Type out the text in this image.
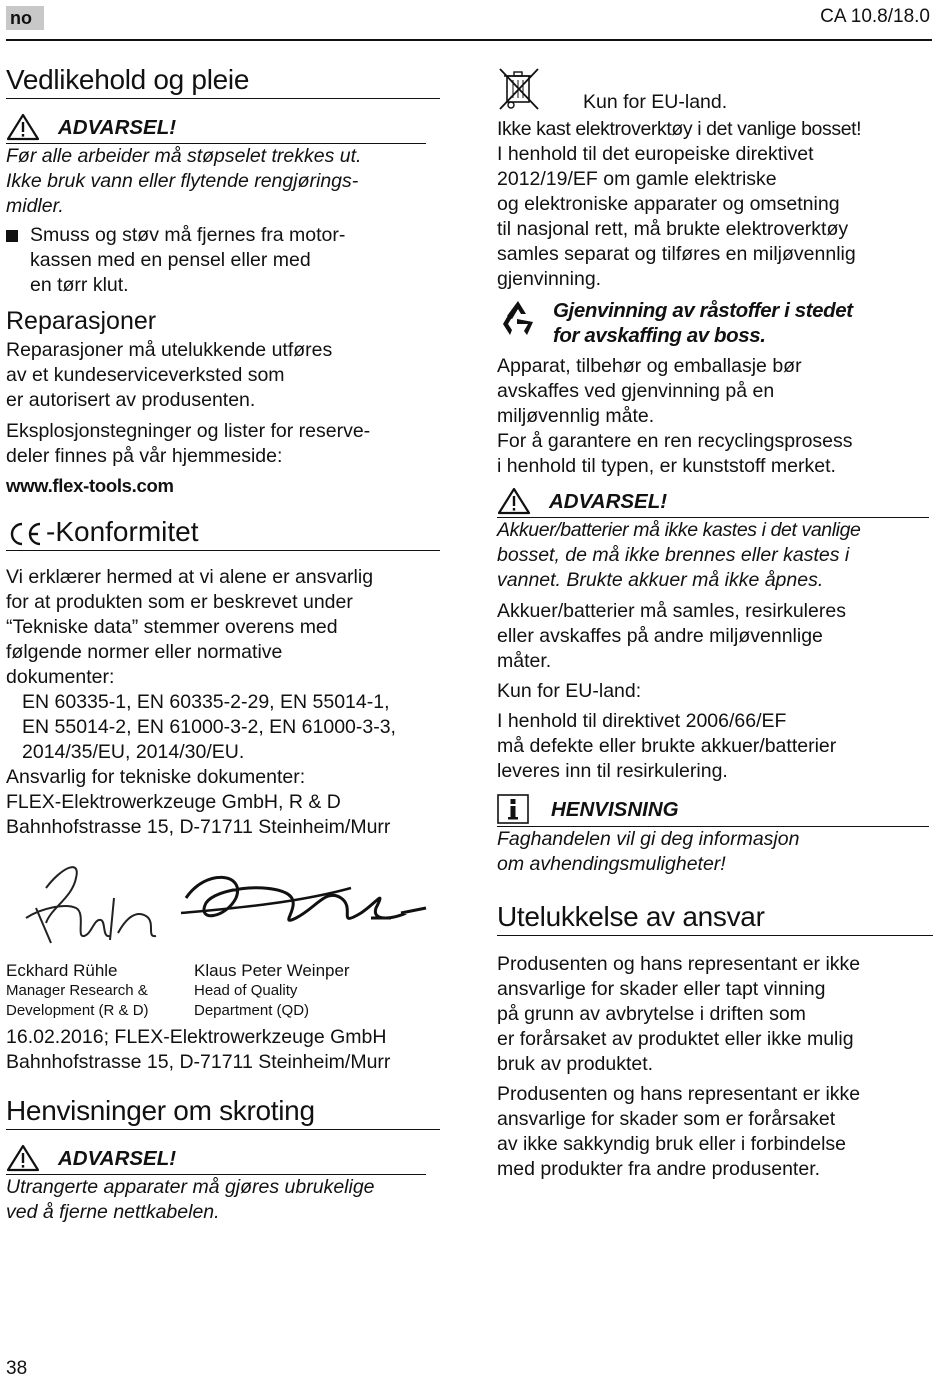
no	CA 10.8/18.0
Vedlikehold og pleie
ADVARSEL!

Før alle arbeider må støpselet trekkes ut.

Ikke bruk vann eller flytende rengjørings-

midler.

Smuss og støv må fjernes fra motor-

kassen med en pensel eller med

en tørr klut.

Reparasjoner

Reparasjoner må utelukkende utføres

av et kundeserviceverksted som

er autorisert av produsenten.

Eksplosjonstegninger og lister for reserve-

deler finnes på vår hjemmeside:

www.flex-tools.com

-Konformitet

Vi erklærer hermed at vi alene er ansvarlig

for at produkten som er beskrevet under

“Tekniske data” stemmer overens med

følgende normer eller normative

dokumenter:

EN 60335-1, EN 60335-2-29, EN 55014-1,

EN 55014-2, EN 61000-3-2, EN 61000-3-3,

2014/35/EU, 2014/30/EU.

Ansvarlig for tekniske dokumenter:

FLEX-Elektrowerkzeuge GmbH, R & D

Bahnhofstrasse 15, D-71711 Steinheim/Murr

Eckhard Rühle
Manager Research &
Development (R & D)
Klaus Peter Weinper
Head of Quality
Department (QD)

16.02.2016; FLEX-Elektrowerkzeuge GmbH

Bahnhofstrasse 15, D-71711 Steinheim/Murr

Henvisninger om skroting
ADVARSEL!

Utrangerte apparater må gjøres ubrukelige

ved å fjerne nettkabelen.

Kun for EU-land.

Ikke kast elektroverktøy i det vanlige bosset!

I henhold til det europeiske direktivet

2012/19/EF om gamle elektriske

og elektroniske apparater og omsetning

til nasjonal rett, må brukte elektroverktøy

samles separat og tilføres en miljøvennlig

gjenvinning.

Gjenvinning av råstoffer i stedet
for avskaffing av boss.

Apparat, tilbehør og emballasje bør

avskaffes ved gjenvinning på en

miljøvennlig måte.

For å garantere en ren recyclingsprosess

i henhold til typen, er kunststoff merket.

ADVARSEL!

Akkuer/batterier må ikke kastes i det vanlige

bosset, de må ikke brennes eller kastes i

vannet. Brukte akkuer må ikke åpnes.

Akkuer/batterier må samles, resirkuleres

eller avskaffes på andre miljøvennlige

måter.

Kun for EU-land:

I henhold til direktivet 2006/66/EF

må defekte eller brukte akkuer/batterier

leveres inn til resirkulering.

HENVISNING

Faghandelen vil gi deg informasjon

om avhendingsmuligheter!

Utelukkelse av ansvar

Produsenten og hans representant er ikke

ansvarlige for skader eller tapt vinning

på grunn av avbrytelse i driften som

er forårsaket av produktet eller ikke mulig

bruk av produktet.

Produsenten og hans representant er ikke

ansvarlige for skader som er forårsaket

av ikke sakkyndig bruk eller i forbindelse

med produkter fra andre produsenter.

38
